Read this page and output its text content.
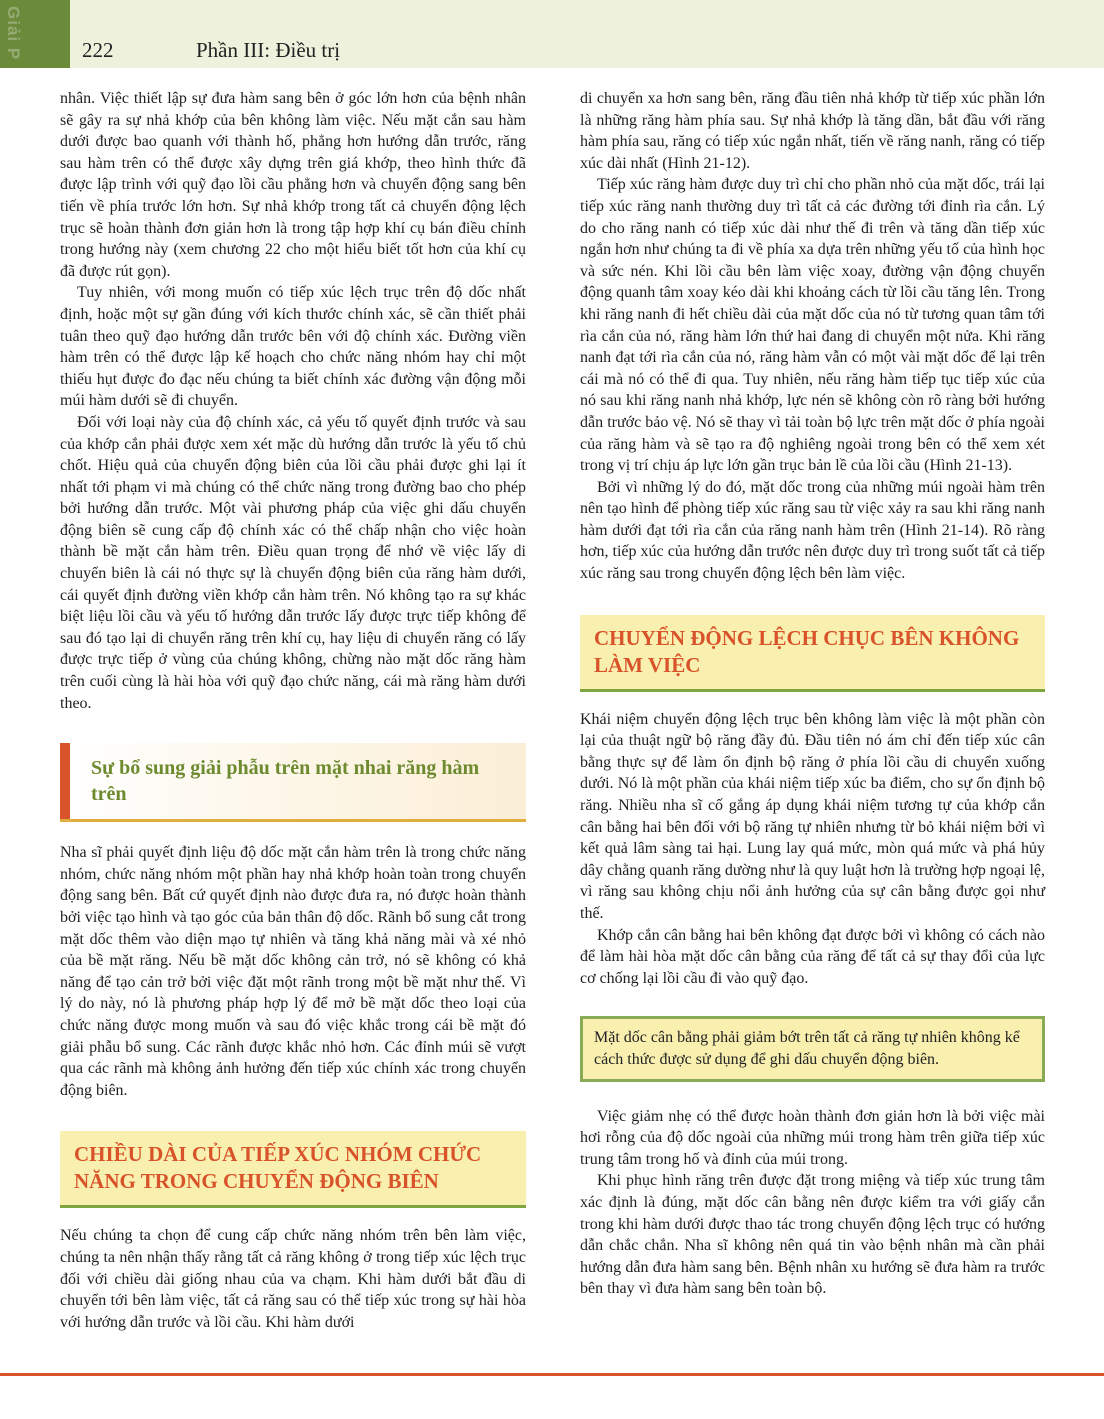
Giải P	222	Phần III: Điều trị

nhân. Việc thiết lập sự đưa hàm sang bên ở góc lớn hơn của bệnh nhân sẽ gây ra sự nhả khớp của bên không làm việc. Nếu mặt cắn sau hàm dưới được bao quanh với thành hố, phẳng hơn hướng dẫn trước, răng sau hàm trên có thể được xây dựng trên giá khớp, theo hình thức đã được lập trình với quỹ đạo lồi cầu phẳng hơn và chuyển động sang bên tiến về phía trước lớn hơn. Sự nhả khớp trong tất cả chuyển động lệch trục sẽ hoàn thành đơn giản hơn là trong tập hợp khí cụ bán điều chỉnh trong hướng này (xem chương 22 cho một hiểu biết tốt hơn của khí cụ đã được rút gọn).

Tuy nhiên, với mong muốn có tiếp xúc lệch trục trên độ dốc nhất định, hoặc một sự gần đúng với kích thước chính xác, sẽ cần thiết phải tuân theo quỹ đạo hướng dẫn trước bên với độ chính xác. Đường viền hàm trên có thể được lập kế hoạch cho chức năng nhóm hay chỉ một thiếu hụt được đo đạc nếu chúng ta biết chính xác đường vận động mỗi múi hàm dưới sẽ đi chuyển.

Đối với loại này của độ chính xác, cả yếu tố quyết định trước và sau của khớp cắn phải được xem xét mặc dù hướng dẫn trước là yếu tố chủ chốt. Hiệu quả của chuyển động biên của lồi cầu phải được ghi lại ít nhất tới phạm vi mà chúng có thể chức năng trong đường bao cho phép bởi hướng dẫn trước. Một vài phương pháp của việc ghi dấu chuyển động biên sẽ cung cấp độ chính xác có thể chấp nhận cho việc hoàn thành bề mặt cắn hàm trên. Điều quan trọng để nhớ về việc lấy di chuyển biên là cái nó thực sự là chuyển động biên của răng hàm dưới, cái quyết định đường viền khớp cắn hàm trên. Nó không tạo ra sự khác biệt liệu lồi cầu và yếu tố hướng dẫn trước lấy được trực tiếp không để sau đó tạo lại di chuyển răng trên khí cụ, hay liệu di chuyển răng có lấy được trực tiếp ở vùng của chúng không, chừng nào mặt dốc răng hàm trên cuối cùng là hài hòa với quỹ đạo chức năng, cái mà răng hàm dưới theo.

Sự bổ sung giải phẫu trên mặt nhai răng hàm trên

Nha sĩ phải quyết định liệu độ dốc mặt cắn hàm trên là trong chức năng nhóm, chức năng nhóm một phần hay nhả khớp hoàn toàn trong chuyển động sang bên. Bất cứ quyết định nào được đưa ra, nó được hoàn thành bởi việc tạo hình và tạo góc của bản thân độ dốc. Rãnh bổ sung cắt trong mặt dốc thêm vào diện mạo tự nhiên và tăng khả năng mài và xé nhỏ của bề mặt răng. Nếu bề mặt dốc không cản trở, nó sẽ không có khả năng để tạo cản trở bởi việc đặt một rãnh trong một bề mặt như thế. Vì lý do này, nó là phương pháp hợp lý để mở bề mặt dốc theo loại của chức năng được mong muốn và sau đó việc khắc trong cái bề mặt đó giải phẫu bổ sung. Các rãnh được khắc nhỏ hơn. Các đỉnh múi sẽ vượt qua các rãnh mà không ảnh hưởng đến tiếp xúc chính xác trong chuyển động biên.

CHIỀU DÀI CỦA TIẾP XÚC NHÓM CHỨC NĂNG TRONG CHUYỂN ĐỘNG BIÊN

Nếu chúng ta chọn để cung cấp chức năng nhóm trên bên làm việc, chúng ta nên nhận thấy rằng tất cả răng không ở trong tiếp xúc lệch trục đối với chiều dài giống nhau của va chạm. Khi hàm dưới bắt đầu di chuyển tới bên làm việc, tất cả răng sau có thể tiếp xúc trong sự hài hòa với hướng dẫn trước và lồi cầu. Khi hàm dưới

di chuyển xa hơn sang bên, răng đầu tiên nhả khớp từ tiếp xúc phần lớn là những răng hàm phía sau. Sự nhả khớp là tăng dần, bắt đầu với răng hàm phía sau, răng có tiếp xúc ngắn nhất, tiến về răng nanh, răng có tiếp xúc dài nhất (Hình 21-12).

Tiếp xúc răng hàm được duy trì chỉ cho phần nhỏ của mặt dốc, trái lại tiếp xúc răng nanh thường duy trì tất cả các đường tới đỉnh rìa cắn. Lý do cho răng nanh có tiếp xúc dài như thế đi trên và tăng dần tiếp xúc ngắn hơn như chúng ta đi về phía xa dựa trên những yếu tố của hình học và sức nén. Khi lồi cầu bên làm việc xoay, đường vận động chuyển động quanh tâm xoay kéo dài khi khoảng cách từ lồi cầu tăng lên. Trong khi răng nanh đi hết chiều dài của mặt dốc của nó từ tương quan tâm tới rìa cắn của nó, răng hàm lớn thứ hai đang di chuyển một nửa. Khi răng nanh đạt tới rìa cắn của nó, răng hàm vẫn có một vài mặt dốc để lại trên cái mà nó có thể đi qua. Tuy nhiên, nếu răng hàm tiếp tục tiếp xúc của nó sau khi răng nanh nhả khớp, lực nén sẽ không còn rõ ràng bởi hướng dẫn trước bảo vệ. Nó sẽ thay vì tải toàn bộ lực trên mặt dốc ở phía ngoài của răng hàm và sẽ tạo ra độ nghiêng ngoài trong bên có thể xem xét trong vị trí chịu áp lực lớn gần trục bản lề của lồi cầu (Hình 21-13).

Bởi vì những lý do đó, mặt dốc trong của những múi ngoài hàm trên nên tạo hình để phòng tiếp xúc răng sau từ việc xảy ra sau khi răng nanh hàm dưới đạt tới rìa cắn của răng nanh hàm trên (Hình 21-14). Rõ ràng hơn, tiếp xúc của hướng dẫn trước nên được duy trì trong suốt tất cả tiếp xúc răng sau trong chuyển động lệch bên làm việc.

CHUYỂN ĐỘNG LỆCH CHỤC BÊN KHÔNG LÀM VIỆC

Khái niệm chuyển động lệch trục bên không làm việc là một phần còn lại của thuật ngữ bộ răng đầy đủ. Đầu tiên nó ám chỉ đến tiếp xúc cân bằng thực sự để làm ổn định bộ răng ở phía lồi cầu di chuyển xuống dưới. Nó là một phần của khái niệm tiếp xúc ba điểm, cho sự ổn định bộ răng. Nhiều nha sĩ cố gắng áp dụng khái niệm tương tự của khớp cắn cân bằng hai bên đối với bộ răng tự nhiên nhưng từ bỏ khái niệm bởi vì kết quả lâm sàng tai hại. Lung lay quá mức, mòn quá mức và phá hủy dây chằng quanh răng dường như là quy luật hơn là trường hợp ngoại lệ, vì răng sau không chịu nổi ảnh hưởng của sự cân bằng được gọi như thế.

Khớp cắn cân bằng hai bên không đạt được bởi vì không có cách nào để làm hài hòa mặt dốc cân bằng của răng để tất cả sự thay đổi của lực cơ chống lại lồi cầu đi vào quỹ đạo.

Mặt dốc cân bằng phải giảm bớt trên tất cả răng tự nhiên không kể cách thức được sử dụng để ghi dấu chuyển động biên.

Việc giảm nhẹ có thể được hoàn thành đơn giản hơn là bởi việc mài hơi rỗng của độ dốc ngoài của những múi trong hàm trên giữa tiếp xúc trung tâm trong hố và đỉnh của múi trong.

Khi phục hình răng trên được đặt trong miệng và tiếp xúc trung tâm xác định là đúng, mặt dốc cân bằng nên được kiểm tra với giấy cắn trong khi hàm dưới được thao tác trong chuyển động lệch trục có hướng dẫn chắc chắn. Nha sĩ không nên quá tin vào bệnh nhân mà cần phải hướng dẫn đưa hàm sang bên. Bệnh nhân xu hướng sẽ đưa hàm ra trước bên thay vì đưa hàm sang bên toàn bộ.
